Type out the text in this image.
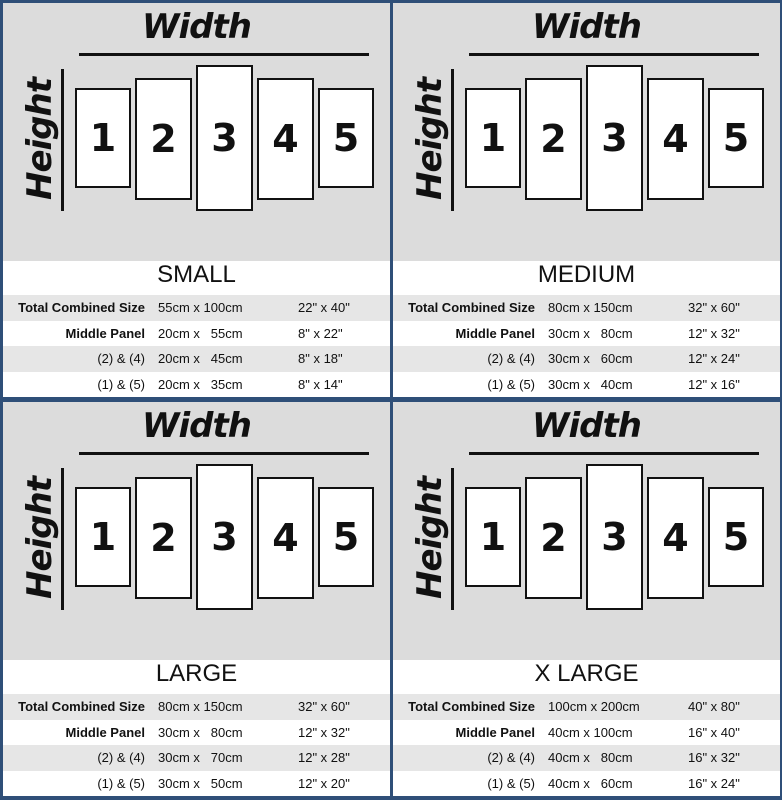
Width
Height 1 2 3 4 5
SMALL
Total Combined Size 55cm x 100cm	22" x 40"
Middle Panel 20cm x   55cm	8" x 22"
(2) & (4) 20cm x   45cm	8" x 18"
(1) & (5) 20cm x   35cm	8" x 14"
Width
Height 1 2 3 4 5
MEDIUM
Total Combined Size 80cm x 150cm	32" x 60"
Middle Panel 30cm x   80cm	12" x 32"
(2) & (4) 30cm x   60cm	12" x 24"
(1) & (5) 30cm x   40cm	12" x 16"
Width
Height 1 2 3 4 5
LARGE
Total Combined Size 80cm x 150cm	32" x 60"
Middle Panel 30cm x   80cm	12" x 32"
(2) & (4) 30cm x   70cm	12" x 28"
(1) & (5) 30cm x   50cm	12" x 20"
Width
Height 1 2 3 4 5
X LARGE
Total Combined Size 100cm x 200cm	40" x 80"
Middle Panel 40cm x 100cm	16" x 40"
(2) & (4) 40cm x   80cm	16" x 32"
(1) & (5) 40cm x   60cm	16" x 24"
